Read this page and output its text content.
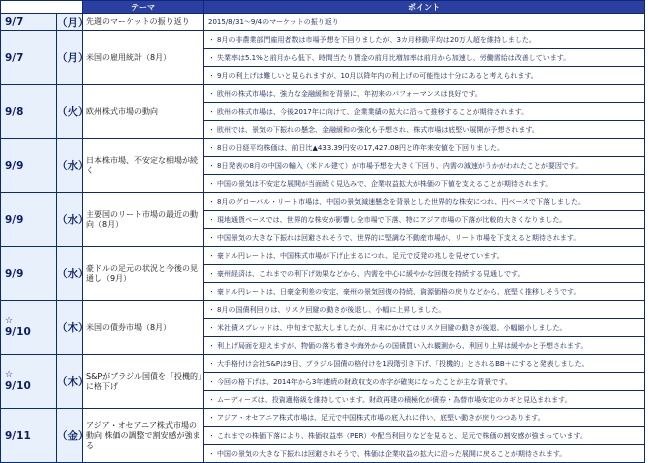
		テーマ	ポイント

9/7	（月）	先週のマーケットの振り返り	2015/8/31～9/4のマーケットの振り返り

9/7	（月）	米国の雇用統計（8月）	・ 8月の非農業部門雇用者数は市場予想を下回りましたが、3カ月移動平均は20万人超を維持しました。
			・ 失業率は5.1%と前月から低下、時間当たり賃金の前月比増加率は前月から加速し、労働需給は改善しています。
			・ 9月の利上げは難しいと見られますが、10月以降年内の利上げの可能性は十分にあると考えられます。

9/8	（火）	欧州株式市場の動向	・ 欧州の株式市場は、強力な金融緩和を背景に、年初来のパフォーマンスは良好です。
			・ 欧州の株式市場は、今後2017年に向けて、企業業績の拡大に沿って推移することが期待されます。
			・ 欧州では、景気の下振れの懸念、金融緩和の強化も予想され、株式市場は底堅い展開が予想されます。

9/9	（水）	日本株市場、不安定な相場が続く	・ 8日の日経平均株価は、前日比▲433.39円安の17,427.08円と昨年来安値を下回りました。
			・ 8日発表の8月の中国の輸入（米ドル建て）が市場予想を大きく下回り、内需の減速がうかがわれたことが要因です。
			・ 中国の景気は不安定な展開が当面続く見込みで、企業収益拡大が株価の下値を支えることが期待されます。

9/9	（水）	主要国のリート市場の最近の動向（8月）	・ 8月のグローバル・リート市場は、中国の景気減速懸念を背景とした世界的な株安につれ、円ベースで下落しました。
			・ 現地通貨ベースでは、世界的な株安が影響し全市場で下落、特にアジア市場の下落が比較的大きくなりました。
			・ 中国景気の大きな下振れは回避されそうで、世界的に堅調な不動産市場が、リート市場を下支えると期待されます。

9/9	（水）	豪ドルの足元の状況と今後の見通し（9月）	・ 豪ドル円レートは、中国株式市場が下げ止まるにつれ、足元で反発の兆しを見せています。
			・ 豪州経済は、これまでの利下げ効果などから、内需を中心に緩やかな回復を持続する見通しです。
			・ 豪ドル円レートは、日豪金利差の安定、豪州の景気回復の持続、資源価格の戻りなどから、底堅く推移しそうです。

☆
9/10	（木）	米国の債券市場（8月）	・ 8月の国債利回りは、リスク回避の動きが後退し、小幅に上昇しました。
			・ 米社債スプレッドは、中旬まで拡大しましたが、月末にかけてはリスク回避の動きが後退、小幅縮小しました。
			・ 利上げ局面を迎えますが、物価の落ち着きや海外からの国債買い入れ観測から、利回り上昇は緩やかと予想されます。

☆
9/10	（木）	S&Pがブラジル国債を「投機的」に格下げ	・ 大手格付け会社S&Pは9日、ブラジル国債の格付けを1段階引き下げ、「投機的」とされるBB＋にすると発表しました。
			・ 今回の格下げは、2014年から3年連続の財政収支の赤字が確実になったことが主な背景です。
			・ ムーディーズは、投資適格級を維持しています。財政再建の積極化が債券・為替市場安定のカギと見込まれます。

9/11	（金）	アジア・オセアニア株式市場の動向 株価の調整で割安感が強まる	・ アジア・オセアニア株式市場は、足元で中国株式市場の底入れに伴い、底堅い動きが戻りつつあります。
			・ これまでの株価下落により、株価収益率（PER）や配当利回りなどを見ると、足元で株価の割安感が強まっています。
			・ 中国の景気の大きな下振れは回避されそうで、株価は企業収益の拡大に沿った展開に戻ることが期待されます。
